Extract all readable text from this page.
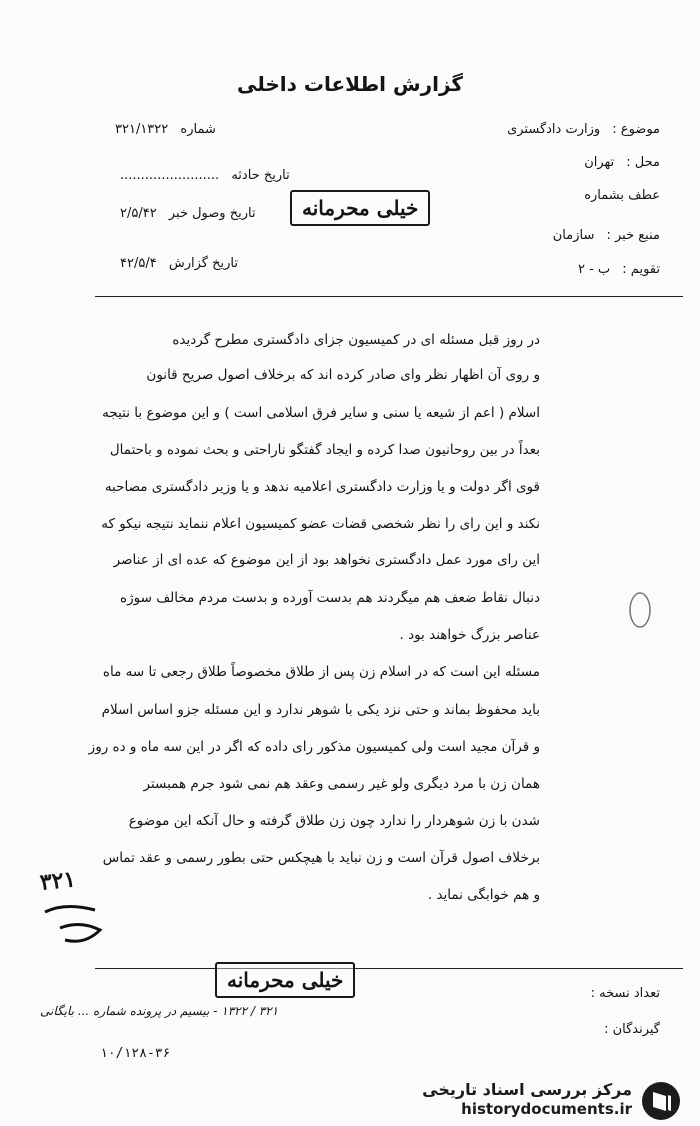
گزارش اطلاعات داخلی
موضوع : وزارت دادگستری
محل : تهران
عطف بشماره
منبع خبر : سازمان
تقویم : ب - ۲
شماره ۳۲۱/۱۳۲۲
تاریخ حادثه ........................
تاریخ وصول خبر ۲/۵/۴۲
تاریخ گزارش ۴۲/۵/۴
خیلی محرمانه
در روز قبل مسئله ای در کمیسیون جزای دادگستری مطرح گردیده
و روی آن اظهار نظر وای صادر کرده اند که برخلاف اصول صریح قانون
اسلام ( اعم از شیعه یا سنی و سایر فرق اسلامی است ) و این موضوع با نتیجه
بعداً در بین روحانیون صدا کرده و ایجاد گفتگو ناراحتی و بحث نموده و باحتمال
قوی اگر دولت و یا وزارت دادگستری اعلامیه ندهد و یا وزیر دادگستری مصاحبه
نکند و این رای را نظر شخصی قضات عضو کمیسیون اعلام ننماید نتیجه نیکو که
این رای مورد عمل دادگستری نخواهد بود از این موضوع که عده ای از عناصر
دنبال نقاط ضعف هم میگردند هم بدست آورده و بدست مردم مخالف سوژه
عناصر بزرگ خواهند بود .
مسئله این است که در اسلام زن پس از طلاق مخصوصاً طلاق رجعی تا سه ماه
باید محفوظ بماند و حتی نزد یکی با شوهر ندارد و این مسئله جزو اساس اسلام
و قرآن مجید است ولی کمیسیون مذکور رای داده که اگر در این سه ماه و ده روز
همان زن با مرد دیگری ولو غیر رسمی وعقد هم نمی شود جرم همبستر
شدن با زن شوهردار را ندارد چون زن طلاق گرفته و حال آنکه این موضوع
برخلاف اصول قرآن است و زن نباید با هیچکس حتی بطور رسمی و عقد تماس
و هم خوابگی نماید .
۳۲۱
خیلی محرمانه
تعداد نسخه :
گیرندگان :
۳۲۱ / ۱۳۲۲ - بیسیم در پرونده شماره ... بایگانی
۱۰/۱۲۸-۳۶
مرکز بررسی اسناد تاریخی
historydocuments.ir
